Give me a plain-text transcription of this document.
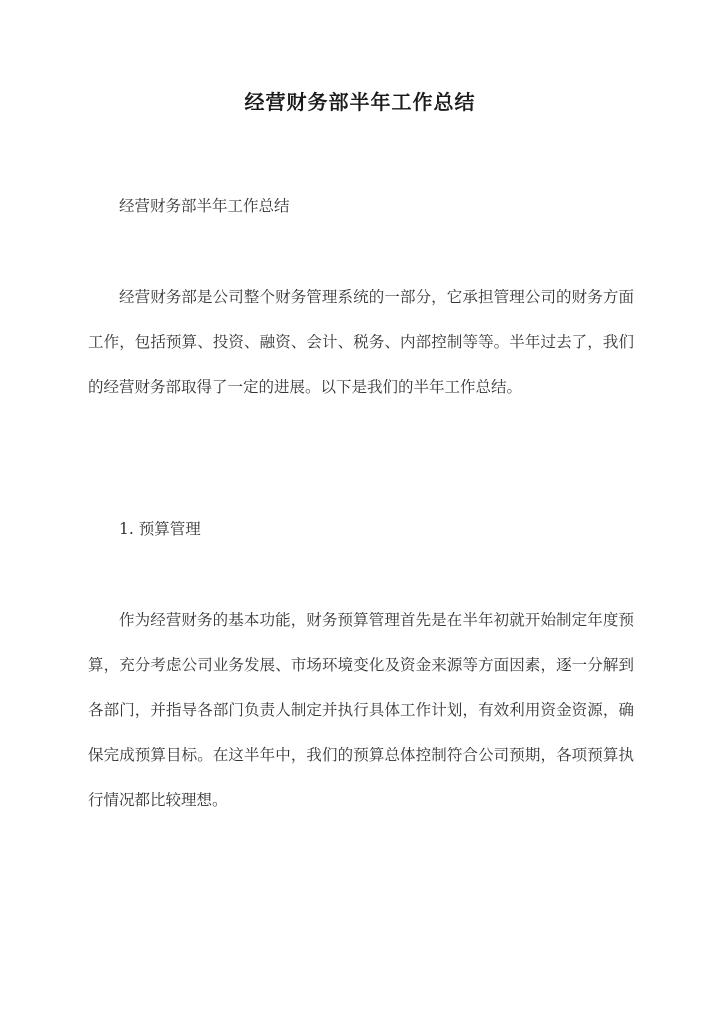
经营财务部半年工作总结

经营财务部半年工作总结

经营财务部是公司整个财务管理系统的一部分，它承担管理公司的财务方面工作，包括预算、投资、融资、会计、税务、内部控制等等。半年过去了，我们的经营财务部取得了一定的进展。以下是我们的半年工作总结。

1. 预算管理

作为经营财务的基本功能，财务预算管理首先是在半年初就开始制定年度预算，充分考虑公司业务发展、市场环境变化及资金来源等方面因素，逐一分解到各部门，并指导各部门负责人制定并执行具体工作计划，有效利用资金资源，确保完成预算目标。在这半年中，我们的预算总体控制符合公司预期，各项预算执行情况都比较理想。
